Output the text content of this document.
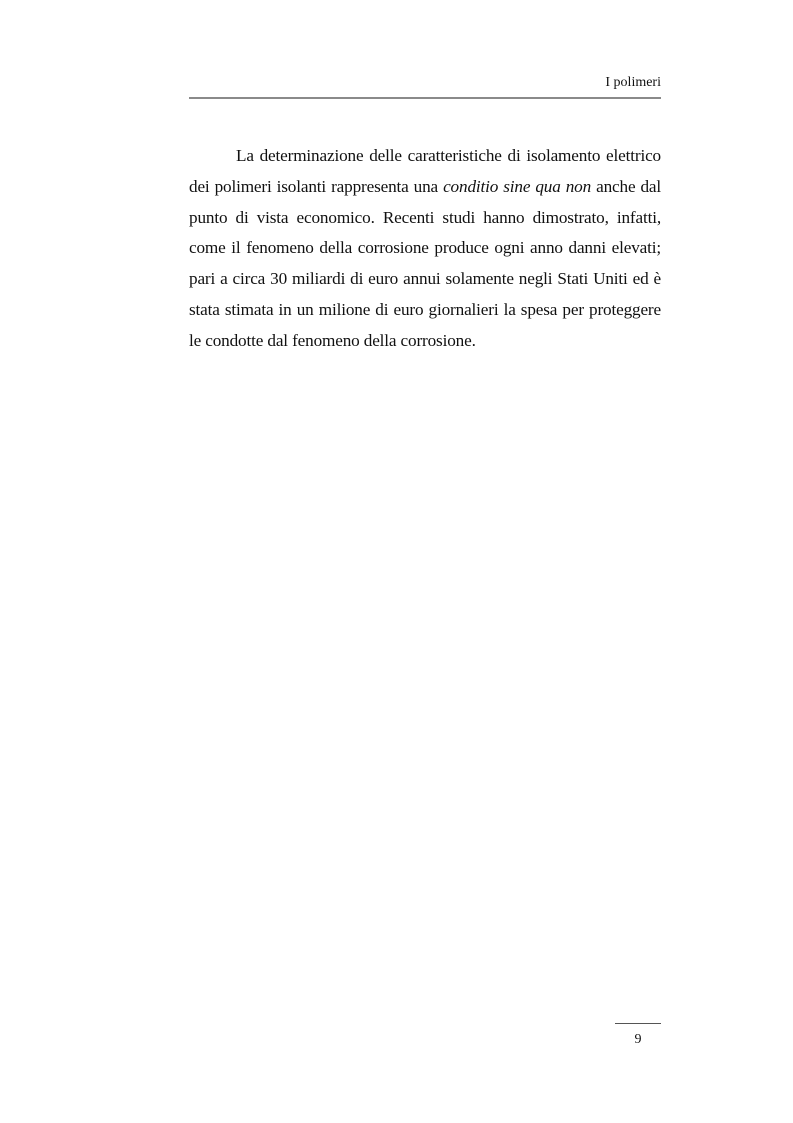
I polimeri

La determinazione delle caratteristiche di isolamento elettrico dei polimeri isolanti rappresenta una conditio sine qua non anche dal punto di vista economico. Recenti studi hanno dimostrato, infatti, come il fenomeno della corrosione produce ogni anno danni elevati; pari a circa 30 miliardi di euro annui solamente negli Stati Uniti ed è stata stimata in un milione di euro giornalieri la spesa per proteggere le condotte dal fenomeno della corrosione.

9
